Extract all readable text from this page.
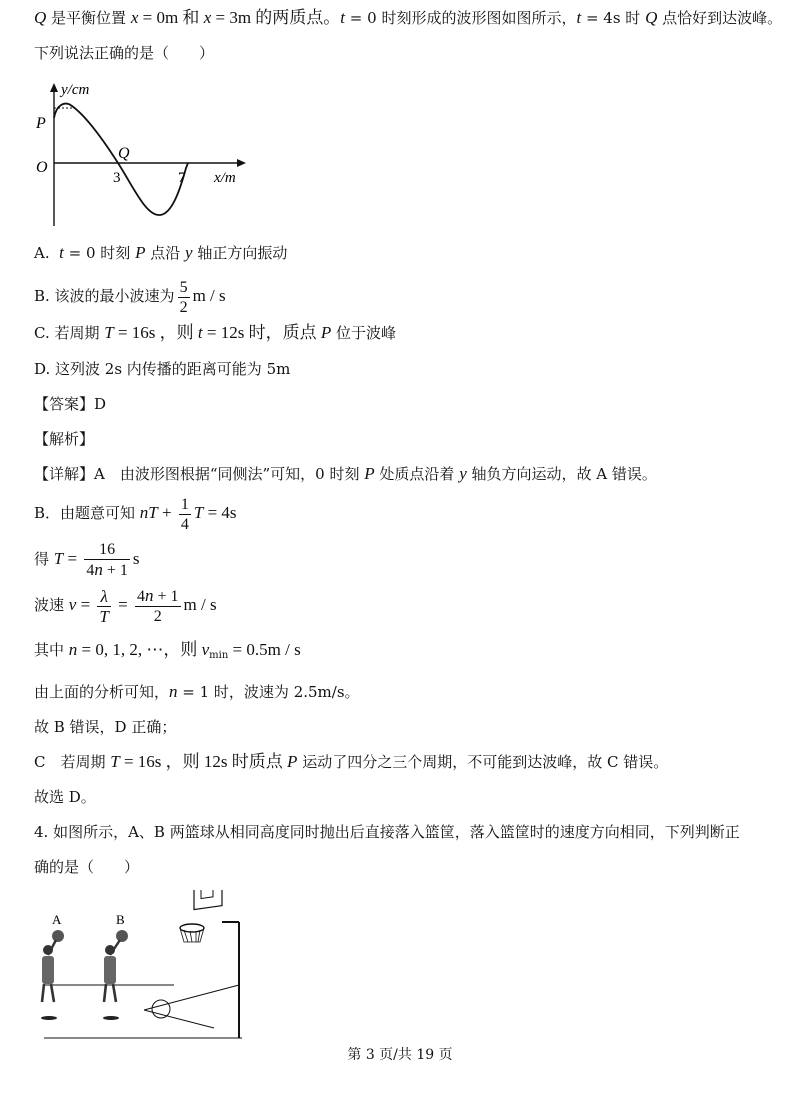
Q 是平衡位置 x = 0m 和 x = 3m 的两质点。t = 0 时刻形成的波形图如图所示，t = 4s 时 Q 点恰好到达波峰。
下列说法正确的是（　　）
y/cm
P
O
Q
3	7 x/m
A. t = 0 时刻 P 点沿 y 轴正方向振动
B. 该波的最小波速为 $\frac{5}{2}$ m / s
C. 若周期 T = 16s ，则 t = 12s 时，质点 P 位于波峰
D. 这列波 2s 内传播的距离可能为 5m
【答案】D
【解析】
【详解】A　由波形图根据“同侧法”可知，0 时刻 P 处质点沿着 y 轴负方向运动，故 A 错误。
B．由题意可知 nT + $\frac{1}{4}$ T = 4s
得 $T = \frac{16}{4n + 1}$ s
波速 $v = \frac{\lambda}{T} = \frac{4n + 1}{2}$ m / s
其中 n = 0, 1, 2, ⋯，则 $v_{min} = 0.5m / s$
由上面的分析可知，n = 1 时，波速为 2.5m/s。
故 B 错误，D 正确；
C　若周期 T = 16s ，则 12s 时质点 P 运动了四分之三个周期，不可能到达波峰，故 C 错误。
故选 D。
4. 如图所示，A、B 两篮球从相同高度同时抛出后直接落入篮筐，落入篮筐时的速度方向相同，下列判断正
确的是（　　）
A	B
第 3 页/共 19 页
